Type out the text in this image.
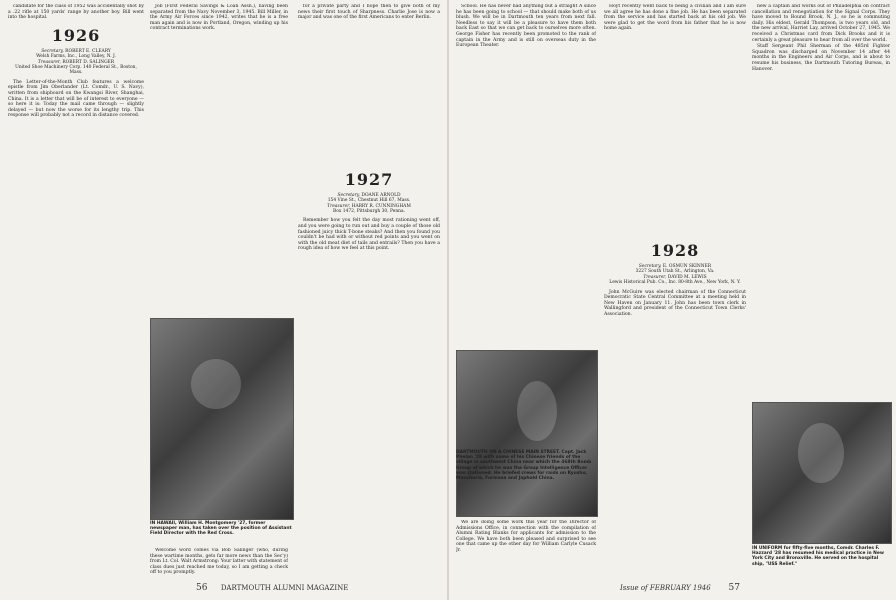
candidate for the class of 1952 was accidentally shot by a .22 rifle at 150 yards' range by another boy. Bill went into the hospital.

1926
Secretary, ROBERT E. CLEARY
Welsh Farms, Inc., Long Valley, N. J.
Treasurer, ROBERT D. SALINGER
United Shoe Machinery Corp. 140 Federal St., Boston, Mass.

The Letter-of-the-Month Club features a welcome epistle from Jim Oberlander (Lt. Comdr., U. S. Navy), written from shipboard on the Kwangsi River, Shanghai, China. It is a letter that will be of interest to everyone — so here it is: Today the mail came through — slightly delayed — but now the worse for its lengthy trip. This response will probably not a record in distance covered.

Job (First Federal Savings & Loan Assn.), having been separated from the Navy November 3, 1945. Bill Miller, in the Army Air Forces since 1942, writes that he is a free man again and is now in Portland, Oregon, winding up his contract terminations work.

IN HAWAII, William H. Montgomery '27, former newspaper man, has taken over the position of Assistant Field Director with the Red Cross.

Welcome word comes via Bob Salinger (who, during these wartime months, gets far more news than the Sec'y) from Lt. Col. Walt Armstrong: Your latter with statement of class dues just reached me today, so I am getting a check off to you promptly.

for a private party and I hope then to give both of my news their first touch of Sharpness. Charlie Jose is now a major and was one of the first Americans to enter Berlin.

1927
Secretary, DOANE ARNOLD
154 Vine St., Chestnut Hill 67, Mass.
Treasurer, HARRY R. CUNNINGHAM
Box 1472, Pittsburgh 30, Penna.

Remember how you felt the day most rationing went off, and you were going to run out and buy a couple of those old fashioned juicy thick T-bone steaks? And then you found you couldn't be had with or without red points and you went on with the old meat diet of tails and entrails? Then you have a rough idea of how we feel at this point.

56 DARTMOUTH ALUMNI MAGAZINE

School. He has never had anything but a straight A since he has been going to school — that should make both of us blush. We will be in Dartmouth ten years from next fall. Needless to say it will be a pleasure to have them both back East so that we can get back to ourselves more often. George Fisher has recently been promoted to the rank of captain in the Army and is still on overseas duty in the European Theater.

DARTMOUTH ON A CHINESE MAIN STREET. Capt. Jack Phelan '28 with some of his Chinese friends of the village in southwest China near which the 468th Bomb Group of which he was the Group Intelligence Officer was stationed. He briefed crews for raids on Kyushu, Manchuria, Formosa and Japhold China.

We are doing some work this year for the Director of Admissions Office, in connection with the compilation of Alumni Rating Blanks for applicants for admission to the College. We have both been pleased and surprised to see one that came up the other day for William Carlyle Cusack Jr.

Hoyt recently went back to being a civilian and I am sure we all agree he has done a fine job. He has been separated from the service and has started back at his old job. We were glad to get the word from his father that he is now home again.

1928
Secretary, E. OSMUN SKINNER
3227 South Utah St., Arlington, Va.
Treasurer, DAVID M. LEWIS
Lewis Historical Pub. Co., Inc. 80-8th Ave., New York, N. Y.

John McGuire was elected chairman of the Connecticut Democratic State Central Committee at a meeting held in New Haven on January 11. John has been town clerk in Wallingford and president of the Connecticut Town Clerks' Association.

new a captain and works out of Philadelphia on contract cancellation and renegotiation for the Signal Corps. They have moved to Bound Brook, N. J., so he is commuting daily. His eldest, Gerald Thompson, is two years old, and the new arrival, Harriet Lay, arrived October 27, 1945. We received a Christmas card from Dick Brooks and it is certainly a great pleasure to hear from all over the world.

Staff Sergeant Phil Sherman of the 485rd Fighter Squadron was discharged on November 14 after 44 months in the Engineers and Air Corps, and is about to resume his business, the Dartmouth Tutoring Bureau, in Hanover.

IN UNIFORM for fifty-five months, Comdr. Charles F. Hazzard '28 has resumed his medical practice in New York City and Bronxville. He served on the hospital ship, "USS Relief."
Issue of FEBRUARY 1946 57
